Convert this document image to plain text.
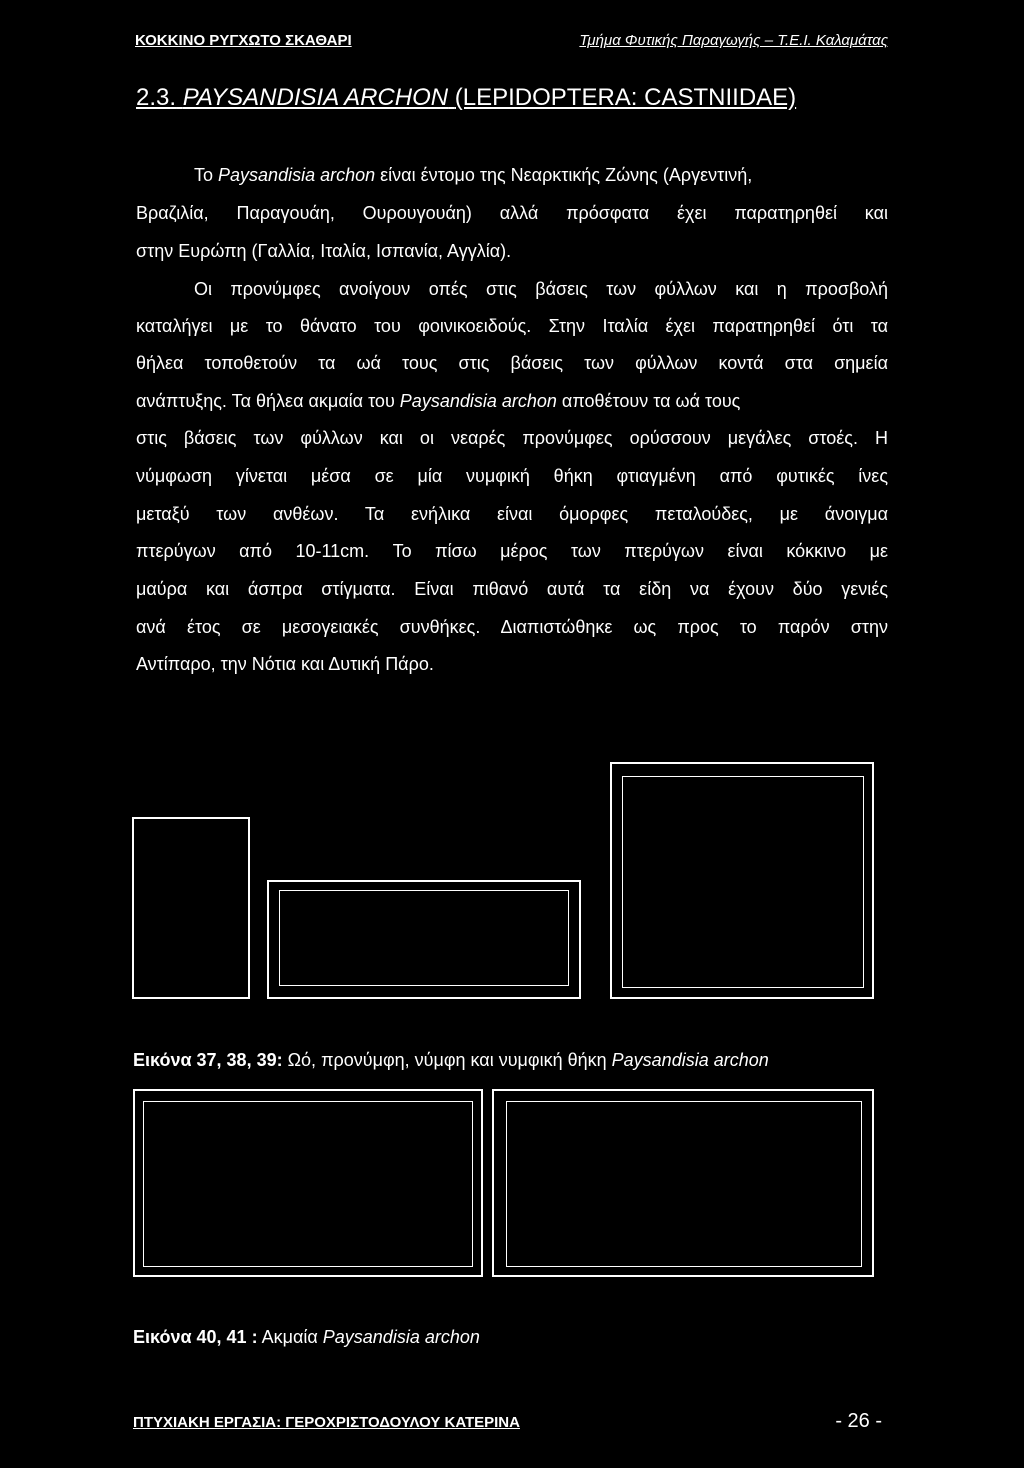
ΚΟΚΚΙΝΟ ΡΥΓΧΩΤΟ ΣΚΑΘΑΡΙ	Τμήμα Φυτικής Παραγωγής – Τ.Ε.Ι. Καλαμάτας
2.3. PAYSANDISIA ARCHON (LEPIDOPTERA: CASTNIIDAE)
Το Paysandisia archon είναι έντομο της Νεαρκτικής Ζώνης (Αργεντινή,
Βραζιλία, Παραγουάη, Ουρουγουάη) αλλά πρόσφατα έχει παρατηρηθεί και
στην Ευρώπη (Γαλλία, Ιταλία, Ισπανία, Αγγλία).
Οι προνύμφες ανοίγουν οπές στις βάσεις των φύλλων και η προσβολή
καταλήγει με το θάνατο του φοινικοειδούς. Στην Ιταλία έχει παρατηρηθεί ότι τα
θήλεα τοποθετούν τα ωά τους στις βάσεις των φύλλων κοντά στα σημεία
ανάπτυξης. Τα θήλεα ακμαία του Paysandisia archon αποθέτουν τα ωά τους
στις βάσεις των φύλλων και οι νεαρές προνύμφες ορύσσουν μεγάλες στοές. Η
νύμφωση γίνεται μέσα σε μία νυμφική θήκη φτιαγμένη από φυτικές ίνες
μεταξύ των ανθέων. Τα ενήλικα είναι όμορφες πεταλούδες, με άνοιγμα
πτερύγων από 10-11cm. Το πίσω μέρος των πτερύγων είναι κόκκινο με
μαύρα και άσπρα στίγματα. Είναι πιθανό αυτά τα είδη να έχουν δύο γενιές
ανά έτος σε μεσογειακές συνθήκες. Διαπιστώθηκε ως προς το παρόν στην
Αντίπαρο, την Νότια και Δυτική Πάρο.
Εικόνα 37, 38, 39: Ωό, προνύμφη, νύμφη και νυμφική θήκη Paysandisia archon
Εικόνα 40, 41 : Ακμαία Paysandisia archon
ΠΤΥΧΙΑΚΗ ΕΡΓΑΣΙΑ: ΓΕΡΟΧΡΙΣΤΟΔΟΥΛΟΥ ΚΑΤΕΡΙΝΑ	- 26 -
